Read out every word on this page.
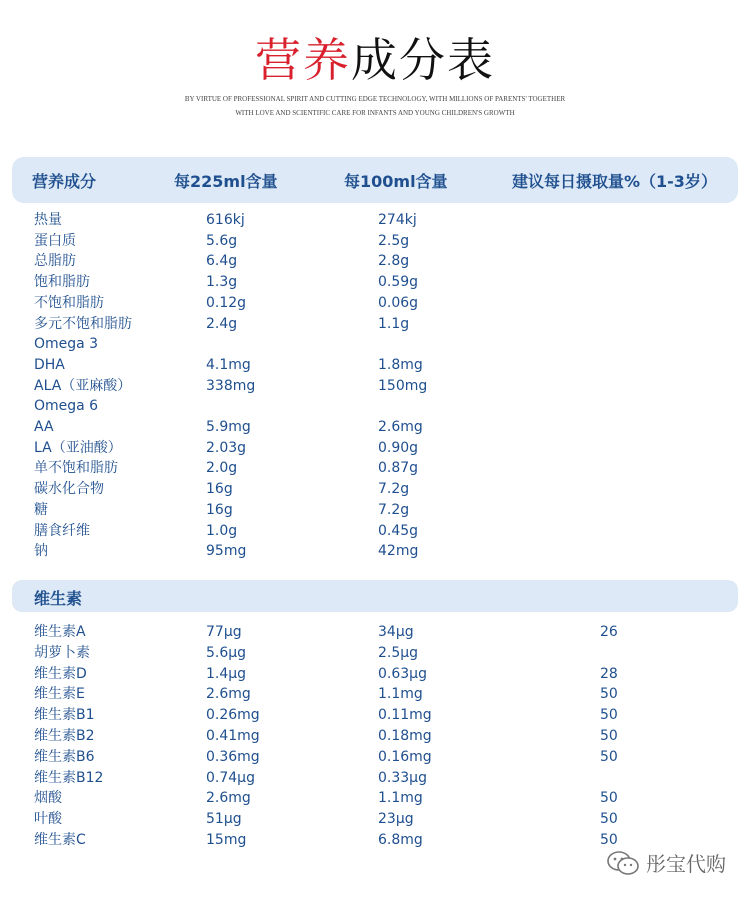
营养成分表
BY VIRTUE OF PROFESSIONAL SPIRIT AND CUTTING EDGE TECHNOLOGY, WITH MILLIONS OF PARENTS' TOGETHER
WITH LOVE AND SCIENTIFIC CARE FOR INFANTS AND YOUNG CHILDREN'S GROWTH
营养成分	每225ml含量	每100ml含量	建议每日摄取量%（1-3岁）
热量	616kj	274kj
蛋白质	5.6g	2.5g
总脂肪	6.4g	2.8g
饱和脂肪	1.3g	0.59g
不饱和脂肪	0.12g	0.06g
多元不饱和脂肪	2.4g	1.1g
Omega 3
DHA	4.1mg	1.8mg
ALA（亚麻酸）	338mg	150mg
Omega 6
AA	5.9mg	2.6mg
LA（亚油酸）	2.03g	0.90g
单不饱和脂肪	2.0g	0.87g
碳水化合物	16g	7.2g
糖	16g	7.2g
膳食纤维	1.0g	0.45g
钠	95mg	42mg
维生素
维生素A	77μg	34μg	26
胡萝卜素	5.6μg	2.5μg
维生素D	1.4μg	0.63μg	28
维生素E	2.6mg	1.1mg	50
维生素B1	0.26mg	0.11mg	50
维生素B2	0.41mg	0.18mg	50
维生素B6	0.36mg	0.16mg	50
维生素B12	0.74μg	0.33μg
烟酸	2.6mg	1.1mg	50
叶酸	51μg	23μg	50
维生素C	15mg	6.8mg	50
彤宝代购
